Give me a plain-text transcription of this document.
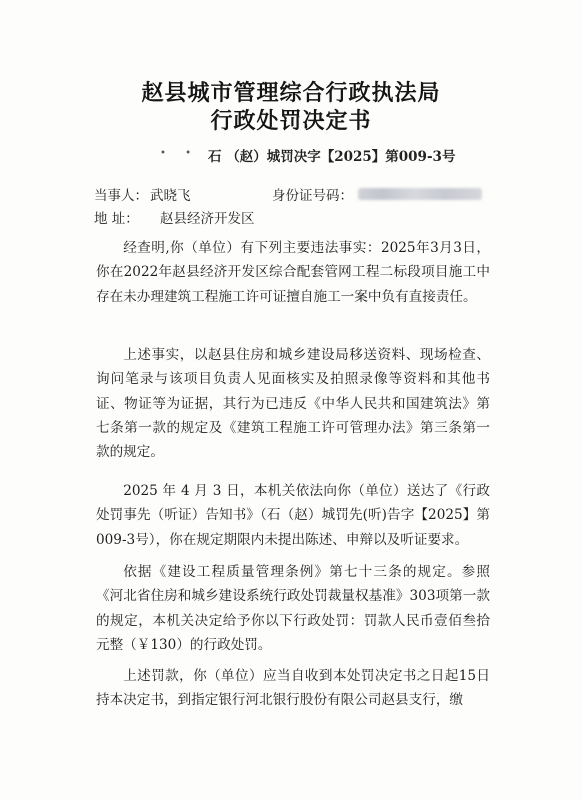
赵县城市管理综合行政执法局
行政处罚决定书
• • 石 （赵）城罚决字【2025】第009-3号
当事人： 武晓飞	身份证号码：
地 址： 赵县经济开发区
经查明,你（单位）有下列主要违法事实：2025年3月3日，你在2022年赵县经济开发区综合配套管网工程二标段项目施工中存在未办理建筑工程施工许可证擅自施工一案中负有直接责任。
上述事实，以赵县住房和城乡建设局移送资料、现场检查、询问笔录与该项目负责人见面核实及拍照录像等资料和其他书证、物证等为证据，其行为已违反《中华人民共和国建筑法》第七条第一款的规定及《建筑工程施工许可管理办法》第三条第一款的规定。
2025 年 4 月 3 日，本机关依法向你（单位）送达了《行政处罚事先（听证）告知书》（石（赵）城罚先(听)告字【2025】第009-3号），你在规定期限内未提出陈述、申辩以及听证要求。
依据《建设工程质量管理条例》第七十三条的规定。参照《河北省住房和城乡建设系统行政处罚裁量权基准》303项第一款的规定，本机关决定给予你以下行政处罚：罚款人民币壹佰叁拾元整（￥130）的行政处罚。
上述罚款，你（单位）应当自收到本处罚决定书之日起15日持本决定书，到指定银行河北银行股份有限公司赵县支行，缴
